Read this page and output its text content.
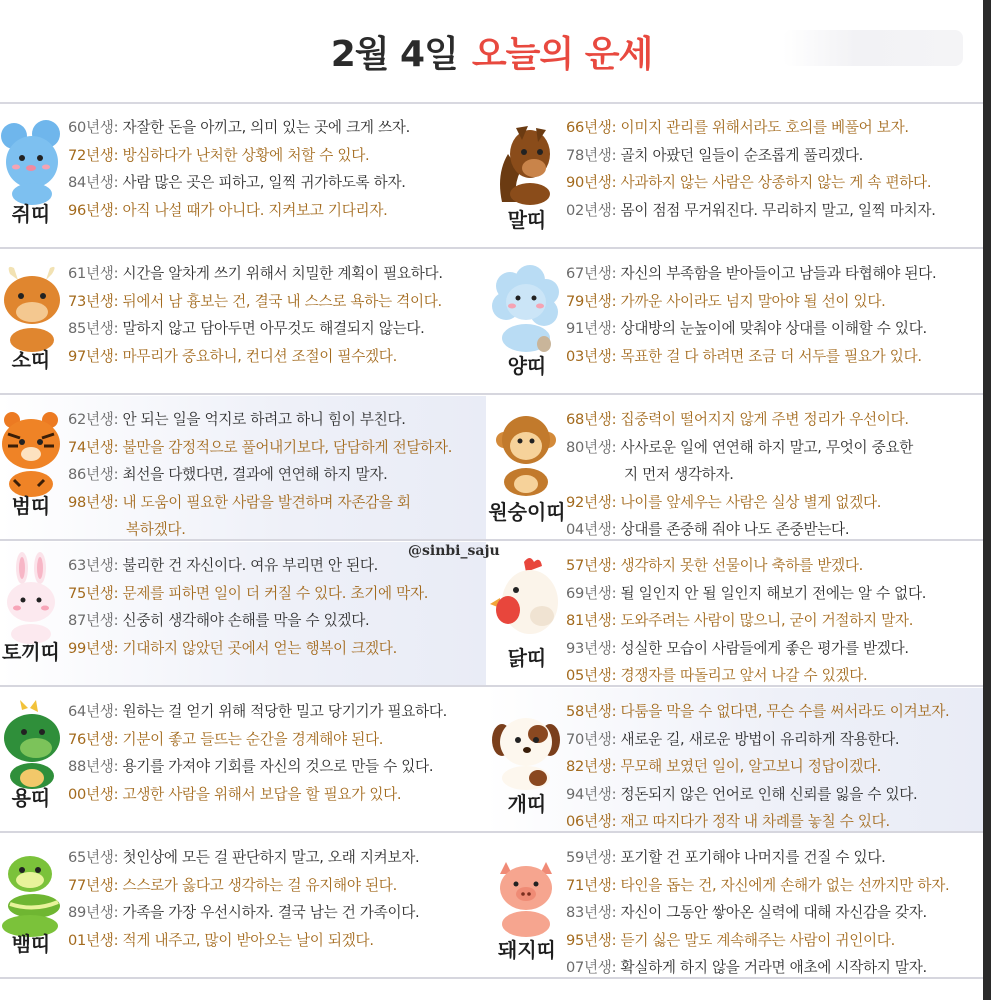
2월 4일 오늘의 운세
쥐띠
60년생: 자잘한 돈을 아끼고, 의미 있는 곳에 크게 쓰자.
72년생: 방심하다가 난처한 상황에 처할 수 있다.
84년생: 사람 많은 곳은 피하고, 일찍 귀가하도록 하자.
96년생: 아직 나설 때가 아니다. 지켜보고 기다리자.	말띠
66년생: 이미지 관리를 위해서라도 호의를 베풀어 보자.
78년생: 골치 아팠던 일들이 순조롭게 풀리겠다.
90년생: 사과하지 않는 사람은 상종하지 않는 게 속 편하다.
02년생: 몸이 점점 무거워진다. 무리하지 말고, 일찍 마치자.
소띠
61년생: 시간을 알차게 쓰기 위해서 치밀한 계획이 필요하다.
73년생: 뒤에서 남 흉보는 건, 결국 내 스스로 욕하는 격이다.
85년생: 말하지 않고 담아두면 아무것도 해결되지 않는다.
97년생: 마무리가 중요하니, 컨디션 조절이 필수겠다.	양띠
67년생: 자신의 부족함을 받아들이고 남들과 타협해야 된다.
79년생: 가까운 사이라도 넘지 말아야 될 선이 있다.
91년생: 상대방의 눈높이에 맞춰야 상대를 이해할 수 있다.
03년생: 목표한 걸 다 하려면 조금 더 서두를 필요가 있다.
범띠
62년생: 안 되는 일을 억지로 하려고 하니 힘이 부친다.
74년생: 불만을 감정적으로 풀어내기보다, 담담하게 전달하자.
86년생: 최선을 다했다면, 결과에 연연해 하지 말자.
98년생: 내 도움이 필요한 사람을 발견하며 자존감을 회
복하겠다.
원숭이띠
68년생: 집중력이 떨어지지 않게 주변 정리가 우선이다.
80년생: 사사로운 일에 연연해 하지 말고, 무엇이 중요한
지 먼저 생각하자.
92년생: 나이를 앞세우는 사람은 실상 별게 없겠다.
04년생: 상대를 존중해 줘야 나도 존중받는다.
토끼띠
63년생: 불리한 건 자신이다. 여유 부리면 안 된다.
75년생: 문제를 피하면 일이 더 커질 수 있다. 초기에 막자.
87년생: 신중히 생각해야 손해를 막을 수 있겠다.
99년생: 기대하지 않았던 곳에서 얻는 행복이 크겠다.	닭띠
57년생: 생각하지 못한 선물이나 축하를 받겠다.
69년생: 될 일인지 안 될 일인지 해보기 전에는 알 수 없다.
81년생: 도와주려는 사람이 많으니, 굳이 거절하지 말자.
93년생: 성실한 모습이 사람들에게 좋은 평가를 받겠다.
05년생: 경쟁자를 따돌리고 앞서 나갈 수 있겠다.
용띠
64년생: 원하는 걸 얻기 위해 적당한 밀고 당기기가 필요하다.
76년생: 기분이 좋고 들뜨는 순간을 경계해야 된다.
88년생: 용기를 가져야 기회를 자신의 것으로 만들 수 있다.
00년생: 고생한 사람을 위해서 보답을 할 필요가 있다.	개띠
58년생: 다툼을 막을 수 없다면, 무슨 수를 써서라도 이겨보자.
70년생: 새로운 길, 새로운 방법이 유리하게 작용한다.
82년생: 무모해 보였던 일이, 알고보니 정답이겠다.
94년생: 정돈되지 않은 언어로 인해 신뢰를 잃을 수 있다.
06년생: 재고 따지다가 정작 내 차례를 놓칠 수 있다.
뱀띠
65년생: 첫인상에 모든 걸 판단하지 말고, 오래 지켜보자.
77년생: 스스로가 옳다고 생각하는 걸 유지해야 된다.
89년생: 가족을 가장 우선시하자. 결국 남는 건 가족이다.
01년생: 적게 내주고, 많이 받아오는 날이 되겠다.	돼지띠
59년생: 포기할 건 포기해야 나머지를 건질 수 있다.
71년생: 타인을 돕는 건, 자신에게 손해가 없는 선까지만 하자.
83년생: 자신이 그동안 쌓아온 실력에 대해 자신감을 갖자.
95년생: 듣기 싫은 말도 계속해주는 사람이 귀인이다.
07년생: 확실하게 하지 않을 거라면 애초에 시작하지 말자.
@sinbi_saju
